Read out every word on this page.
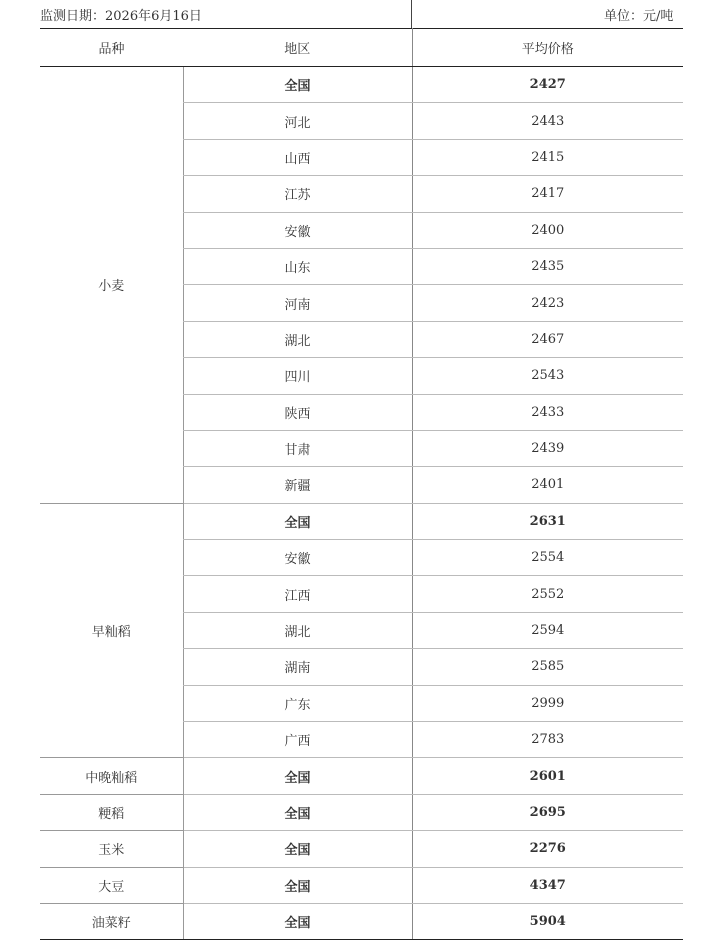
监测日期：2026年6月16日	单位：元/吨
品种	地区	平均价格
小麦	全国	2427
	河北	2443
	山西	2415
	江苏	2417
	安徽	2400
	山东	2435
	河南	2423
	湖北	2467
	四川	2543
	陕西	2433
	甘肃	2439
	新疆	2401
早籼稻	全国	2631
	安徽	2554
	江西	2552
	湖北	2594
	湖南	2585
	广东	2999
	广西	2783
中晚籼稻	全国	2601
粳稻	全国	2695
玉米	全国	2276
大豆	全国	4347
油菜籽	全国	5904
